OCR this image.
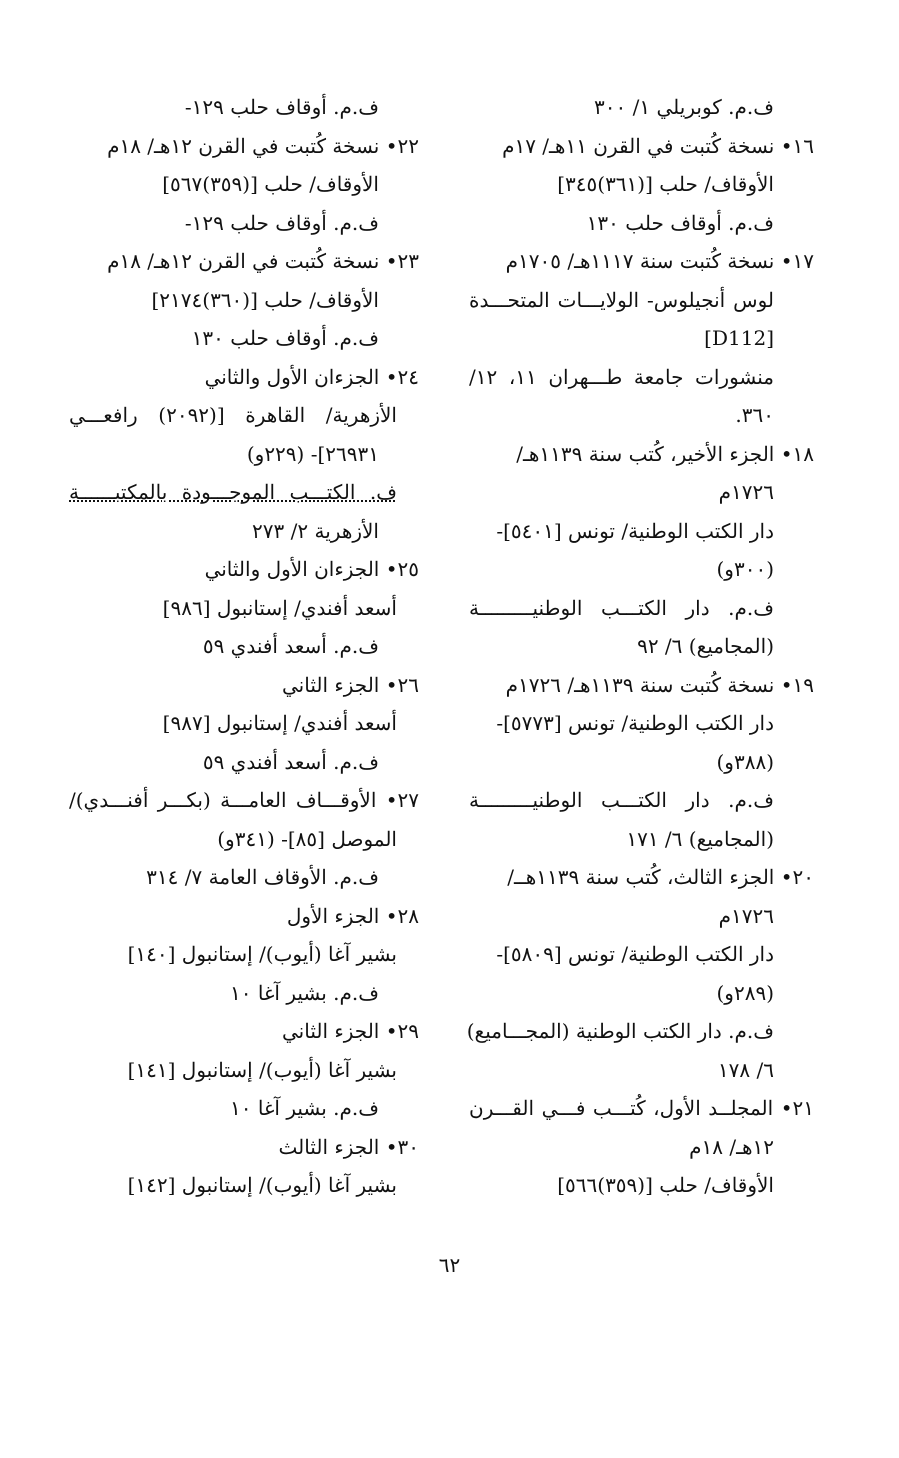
ف.م. كوبريلي ١/ ٣٠٠
١٦• نسخة كُتبت في القرن ١١هـ/ ١٧م
الأوقاف/ حلب [(٣٦١)٣٤٥]
ف.م. أوقاف حلب ١٣٠
١٧• نسخة كُتبت سنة ١١١٧هـ/ ١٧٠٥م
لوس أنجيلوس- الولايـــات المتحـــدة
[D112]
منشورات جامعة طـــهران ١١، ١٢/
٣٦٠.
١٨• الجزء الأخير، كُتب سنة ١١٣٩هـ/
١٧٢٦م
دار الكتب الوطنية/ تونس [٥٤٠١]-
(٣٠٠و)
ف.م. دار الكتـــب الوطنيـــــــــة
(المجاميع) ٦/ ٩٢
١٩• نسخة كُتبت سنة ١١٣٩هـ/ ١٧٢٦م
دار الكتب الوطنية/ تونس [٥٧٧٣]-
(٣٨٨و)
ف.م. دار الكتـــب الوطنيـــــــــة
(المجاميع) ٦/ ١٧١
٢٠• الجزء الثالث، كُتب سنة ١١٣٩هــ/
١٧٢٦م
دار الكتب الوطنية/ تونس [٥٨٠٩]-
(٢٨٩و)
ف.م. دار الكتب الوطنية (المجـــاميع)
٦/ ١٧٨
٢١• المجلــد الأول، كُتـــب فـــي القـــرن
١٢هـ/ ١٨م
الأوقاف/ حلب [(٣٥٩)٥٦٦]
ف.م. أوقاف حلب ١٢٩-
٢٢• نسخة كُتبت في القرن ١٢هـ/ ١٨م
الأوقاف/ حلب [(٣٥٩)٥٦٧]
ف.م. أوقاف حلب ١٢٩-
٢٣• نسخة كُتبت في القرن ١٢هـ/ ١٨م
الأوقاف/ حلب [(٣٦٠)٢١٧٤]
ف.م. أوقاف حلب ١٣٠
٢٤• الجزءان الأول والثاني
الأزهرية/ القاهرة [(٢٠٩٢) رافعـــي
٢٦٩٣١]- (٢٢٩و)
ف. الكتـــب الموجـــودة بالمكتبــــــة
الأزهرية ٢/ ٢٧٣
٢٥• الجزءان الأول والثاني
أسعد أفندي/ إستانبول [٩٨٦]
ف.م. أسعد أفندي ٥٩
٢٦• الجزء الثاني
أسعد أفندي/ إستانبول [٩٨٧]
ف.م. أسعد أفندي ٥٩
٢٧• الأوقـــاف العامـــة (بكـــر أفنـــدي)/
الموصل [٨٥]- (٣٤١و)
ف.م. الأوقاف العامة ٧/ ٣١٤
٢٨• الجزء الأول
بشير آغا (أيوب)/ إستانبول [١٤٠]
ف.م. بشير آغا ١٠
٢٩• الجزء الثاني
بشير آغا (أيوب)/ إستانبول [١٤١]
ف.م. بشير آغا ١٠
٣٠• الجزء الثالث
بشير آغا (أيوب)/ إستانبول [١٤٢]
٦٢
